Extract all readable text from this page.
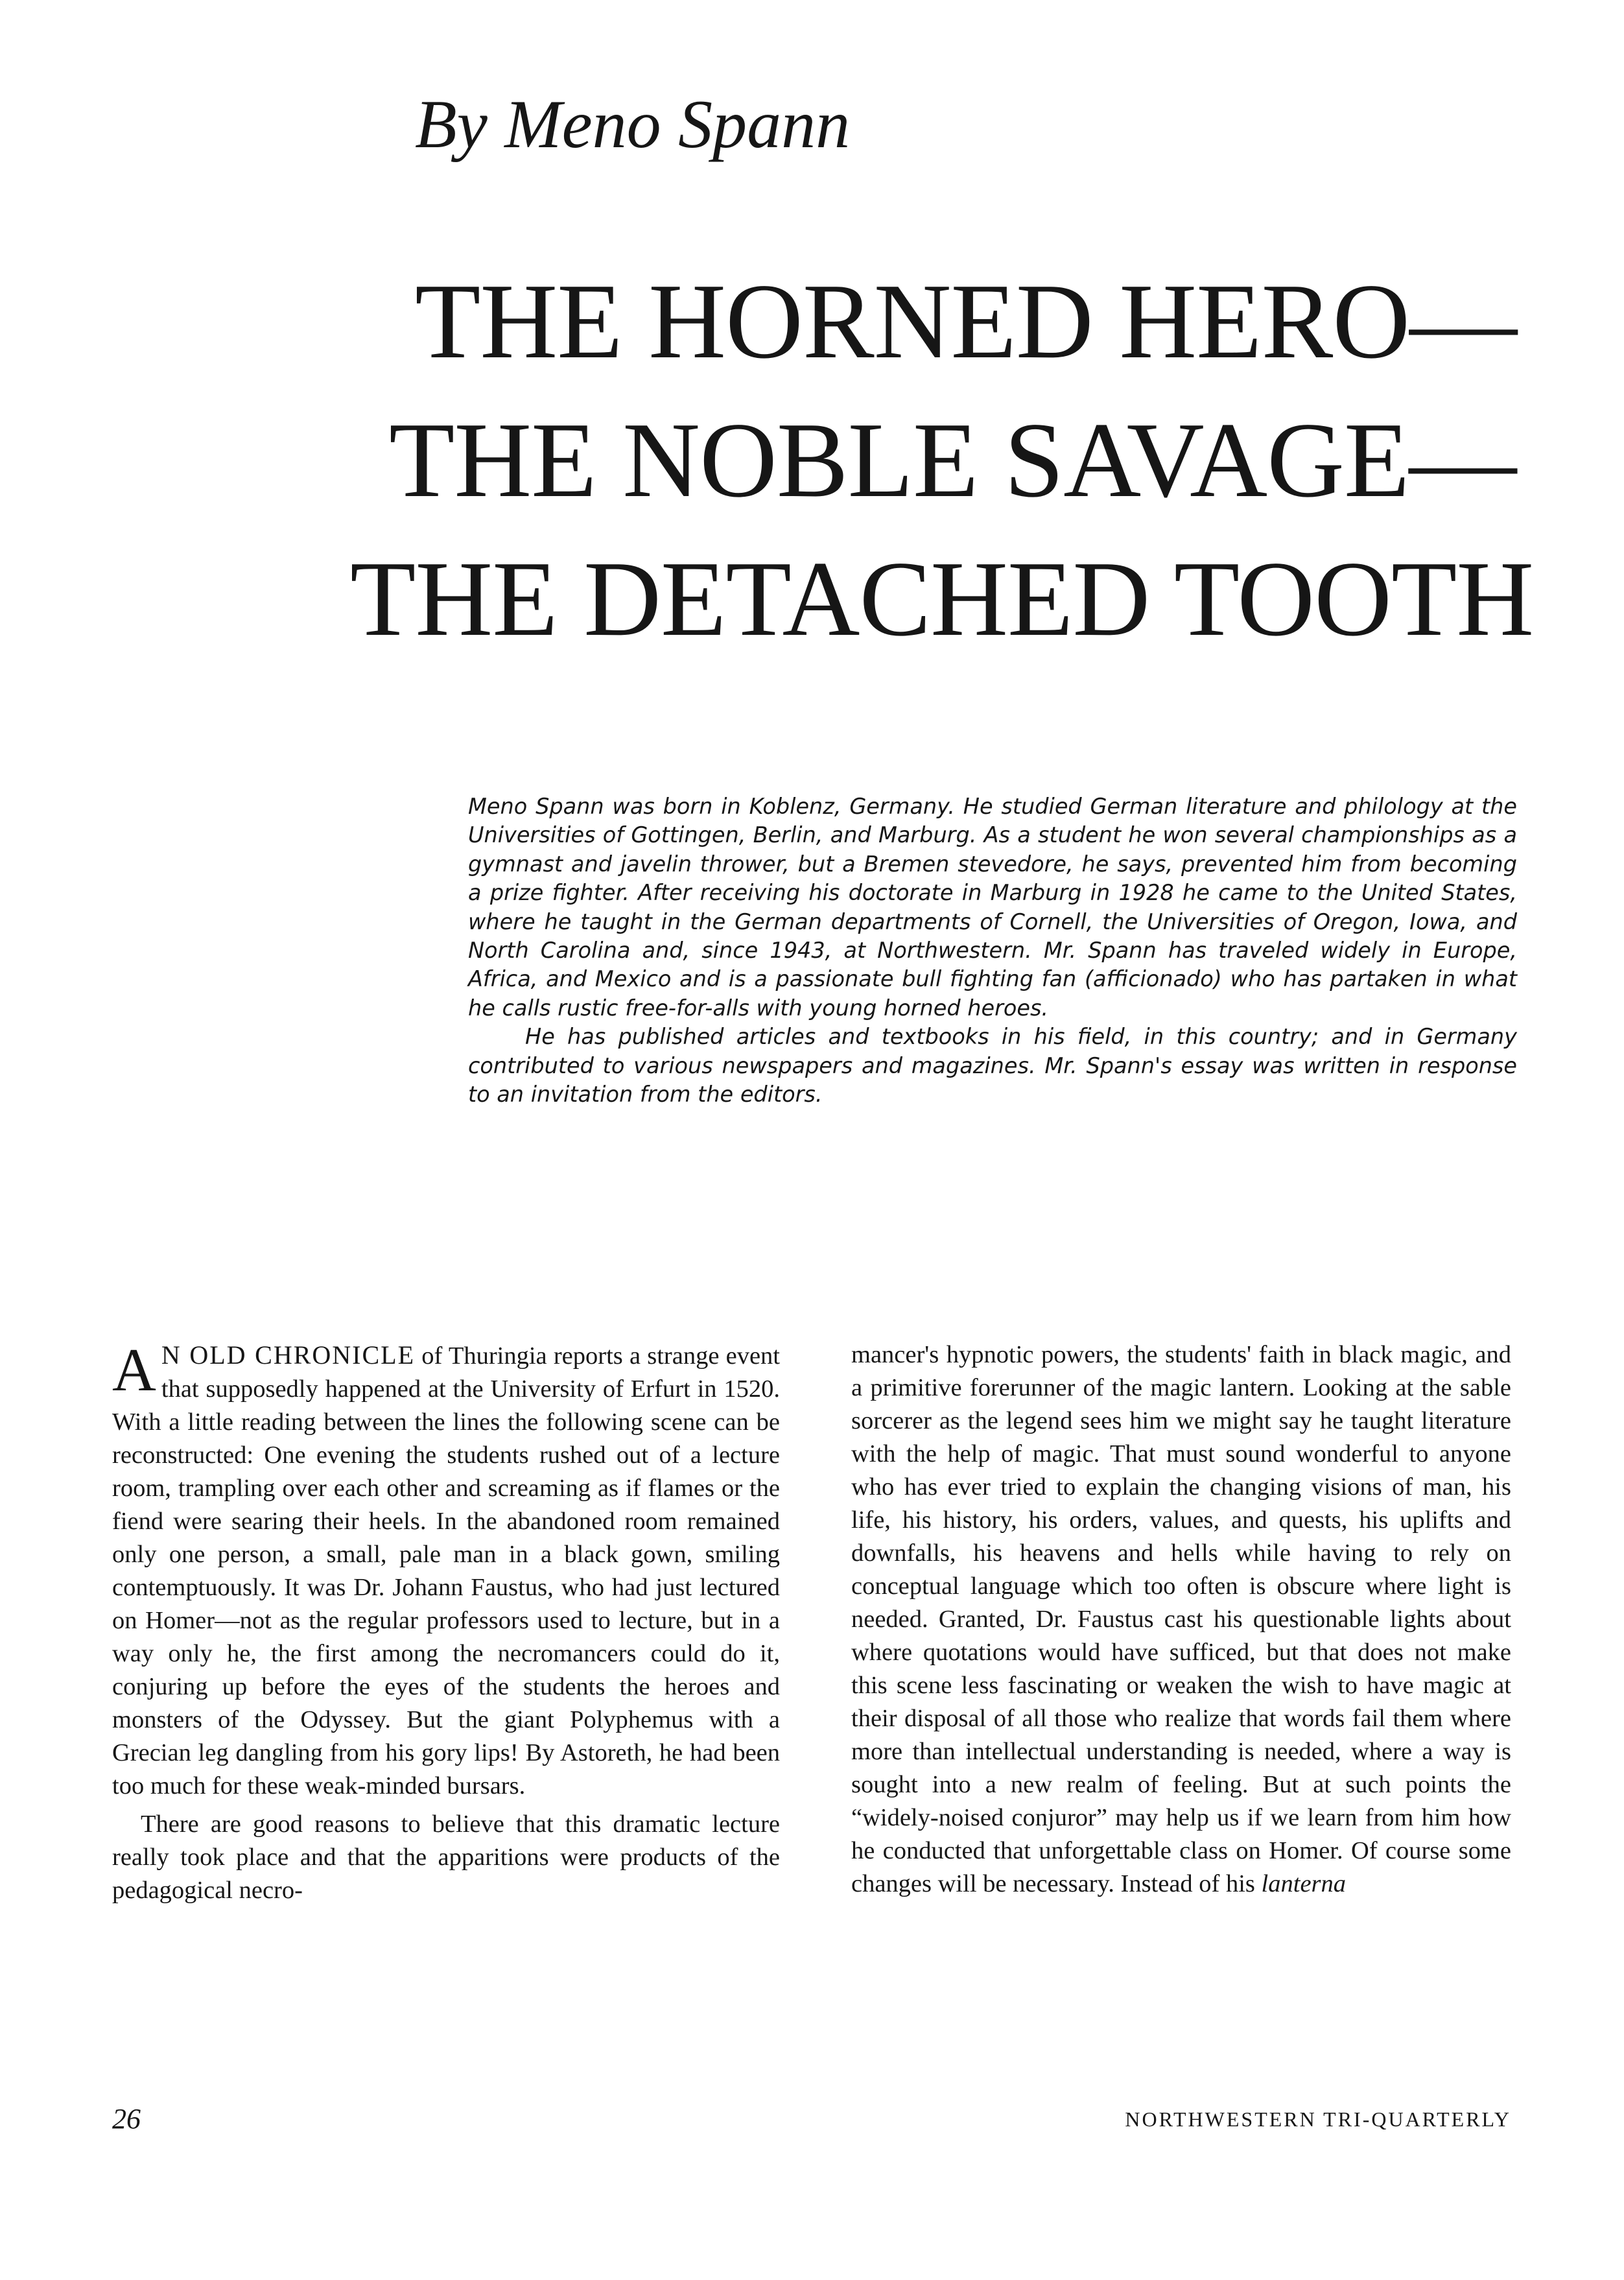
By Meno Spann
THE HORNED HERO—
THE NOBLE SAVAGE—
THE DETACHED TOOTH

Meno Spann was born in Koblenz, Germany. He studied German literature and philology at the Universities of Gottingen, Berlin, and Marburg. As a student he won several championships as a gymnast and javelin thrower, but a Bremen stevedore, he says, prevented him from becoming a prize fighter. After receiving his doctorate in Marburg in 1928 he came to the United States, where he taught in the German departments of Cornell, the Universities of Oregon, Iowa, and North Carolina and, since 1943, at Northwestern. Mr. Spann has traveled widely in Europe, Africa, and Mexico and is a passionate bull fighting fan (afficionado) who has partaken in what he calls rustic free-for-alls with young horned heroes.

He has published articles and textbooks in his field, in this country; and in Germany contributed to various newspapers and magazines. Mr. Spann's essay was written in response to an invitation from the editors.

A N OLD CHRONICLE of Thuringia reports a strange event that supposedly happened at the University of Erfurt in 1520. With a little reading between the lines the following scene can be reconstructed: One evening the students rushed out of a lecture room, trampling over each other and screaming as if flames or the fiend were searing their heels. In the abandoned room remained only one person, a small, pale man in a black gown, smiling contemptuously. It was Dr. Johann Faustus, who had just lectured on Homer—not as the regular professors used to lecture, but in a way only he, the first among the necromancers could do it, conjuring up before the eyes of the students the heroes and monsters of the Odyssey. But the giant Polyphemus with a Grecian leg dangling from his gory lips! By Astoreth, he had been too much for these weak-minded bursars.

There are good reasons to believe that this dramatic lecture really took place and that the apparitions were products of the pedagogical necro-

mancer's hypnotic powers, the students' faith in black magic, and a primitive forerunner of the magic lantern. Looking at the sable sorcerer as the legend sees him we might say he taught literature with the help of magic. That must sound wonderful to anyone who has ever tried to explain the changing visions of man, his life, his history, his orders, values, and quests, his uplifts and downfalls, his heavens and hells while having to rely on conceptual language which too often is obscure where light is needed. Granted, Dr. Faustus cast his questionable lights about where quotations would have sufficed, but that does not make this scene less fascinating or weaken the wish to have magic at their disposal of all those who realize that words fail them where more than intellectual understanding is needed, where a way is sought into a new realm of feeling. But at such points the “widely-noised conjuror” may help us if we learn from him how he conducted that unforgettable class on Homer. Of course some changes will be necessary. Instead of his lanterna

26	NORTHWESTERN TRI-QUARTERLY
